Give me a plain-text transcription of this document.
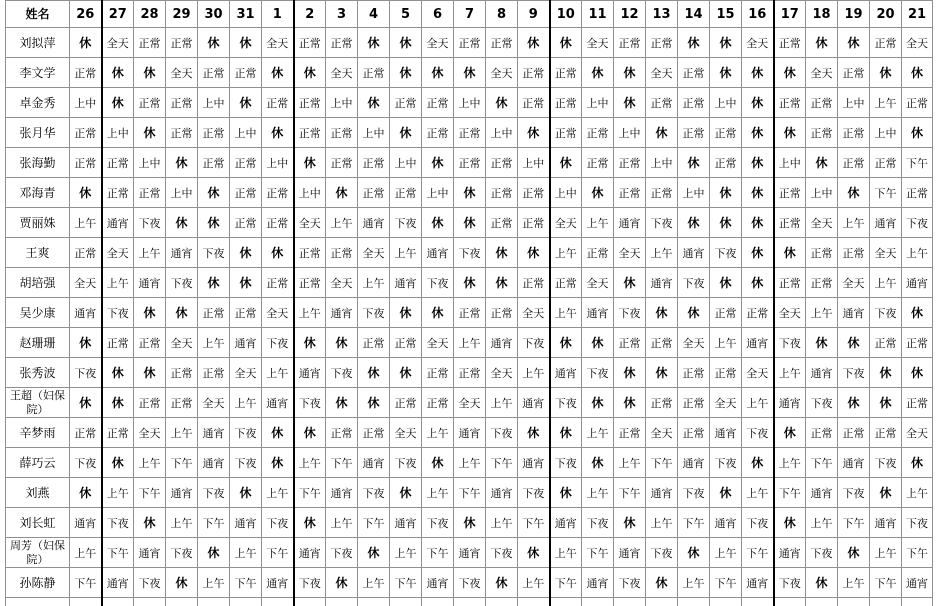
姓名	26	27	28	29	30	31	1	2	3	4	5	6	7	8	9	10	11	12	13	14	15	16	17	18	19	20	21
刘拟萍	休	全天	正常	正常	休	休	全天	正常	正常	休	休	全天	正常	正常	休	休	全天	正常	正常	休	休	全天	正常	休	休	正常	全天
李文学	正常	休	休	全天	正常	正常	休	休	全天	正常	休	休	休	全天	正常	正常	休	休	全天	正常	休	休	休	全天	正常	休	休
卓金秀	上中	休	正常	正常	上中	休	正常	正常	上中	休	正常	正常	上中	休	正常	正常	上中	休	正常	正常	上中	休	正常	正常	上中	上午	正常
张月华	正常	上中	休	正常	正常	上中	休	正常	正常	上中	休	正常	正常	上中	休	正常	正常	上中	休	正常	正常	休	休	正常	正常	上中	休
张海勤	正常	正常	上中	休	正常	正常	上中	休	正常	正常	上中	休	正常	正常	上中	休	正常	正常	上中	休	正常	休	上中	休	正常	正常	下午
邓海青	休	正常	正常	上中	休	正常	正常	上中	休	正常	正常	上中	休	正常	正常	上中	休	正常	正常	上中	休	休	正常	上中	休	下午	正常
贾丽姝	上午	通宵	下夜	休	休	正常	正常	全天	上午	通宵	下夜	休	休	正常	正常	全天	上午	通宵	下夜	休	休	休	正常	全天	上午	通宵	下夜
王爽	正常	全天	上午	通宵	下夜	休	休	正常	正常	全天	上午	通宵	下夜	休	休	上午	正常	全天	上午	通宵	下夜	休	休	正常	正常	全天	上午
胡培强	全天	上午	通宵	下夜	休	休	正常	正常	全天	上午	通宵	下夜	休	休	正常	正常	全天	休	通宵	下夜	休	休	正常	正常	全天	上午	通宵
吴少康	通宵	下夜	休	休	正常	正常	全天	上午	通宵	下夜	休	休	正常	正常	全天	上午	通宵	下夜	休	休	正常	正常	全天	上午	通宵	下夜	休
赵珊珊	休	正常	正常	全天	上午	通宵	下夜	休	休	正常	正常	全天	上午	通宵	下夜	休	休	正常	正常	全天	上午	通宵	下夜	休	休	正常	正常
张秀波	下夜	休	休	正常	正常	全天	上午	通宵	下夜	休	休	正常	正常	全天	上午	通宵	下夜	休	休	正常	正常	全天	上午	通宵	下夜	休	休
王超（妇保院）	休	休	正常	正常	全天	上午	通宵	下夜	休	休	正常	正常	全天	上午	通宵	下夜	休	休	正常	正常	全天	上午	通宵	下夜	休	休	正常
辛梦雨	正常	正常	全天	上午	通宵	下夜	休	休	正常	正常	全天	上午	通宵	下夜	休	休	上午	正常	全天	正常	通宵	下夜	休	正常	正常	正常	全天
薛巧云	下夜	休	上午	下午	通宵	下夜	休	上午	下午	通宵	下夜	休	上午	下午	通宵	下夜	休	上午	下午	通宵	下夜	休	上午	下午	通宵	下夜	休
刘燕	休	上午	下午	通宵	下夜	休	上午	下午	通宵	下夜	休	上午	下午	通宵	下夜	休	上午	下午	通宵	下夜	休	上午	下午	通宵	下夜	休	上午
刘长虹	通宵	下夜	休	上午	下午	通宵	下夜	休	上午	下午	通宵	下夜	休	上午	下午	通宵	下夜	休	上午	下午	通宵	下夜	休	上午	下午	通宵	下夜
周芳（妇保院）	上午	下午	通宵	下夜	休	上午	下午	通宵	下夜	休	上午	下午	通宵	下夜	休	上午	下午	通宵	下夜	休	上午	下午	通宵	下夜	休	上午	下午
孙陈静	下午	通宵	下夜	休	上午	下午	通宵	下夜	休	上午	下午	通宵	下夜	休	上午	下午	通宵	下夜	休	上午	下午	通宵	下夜	休	上午	下午	通宵
